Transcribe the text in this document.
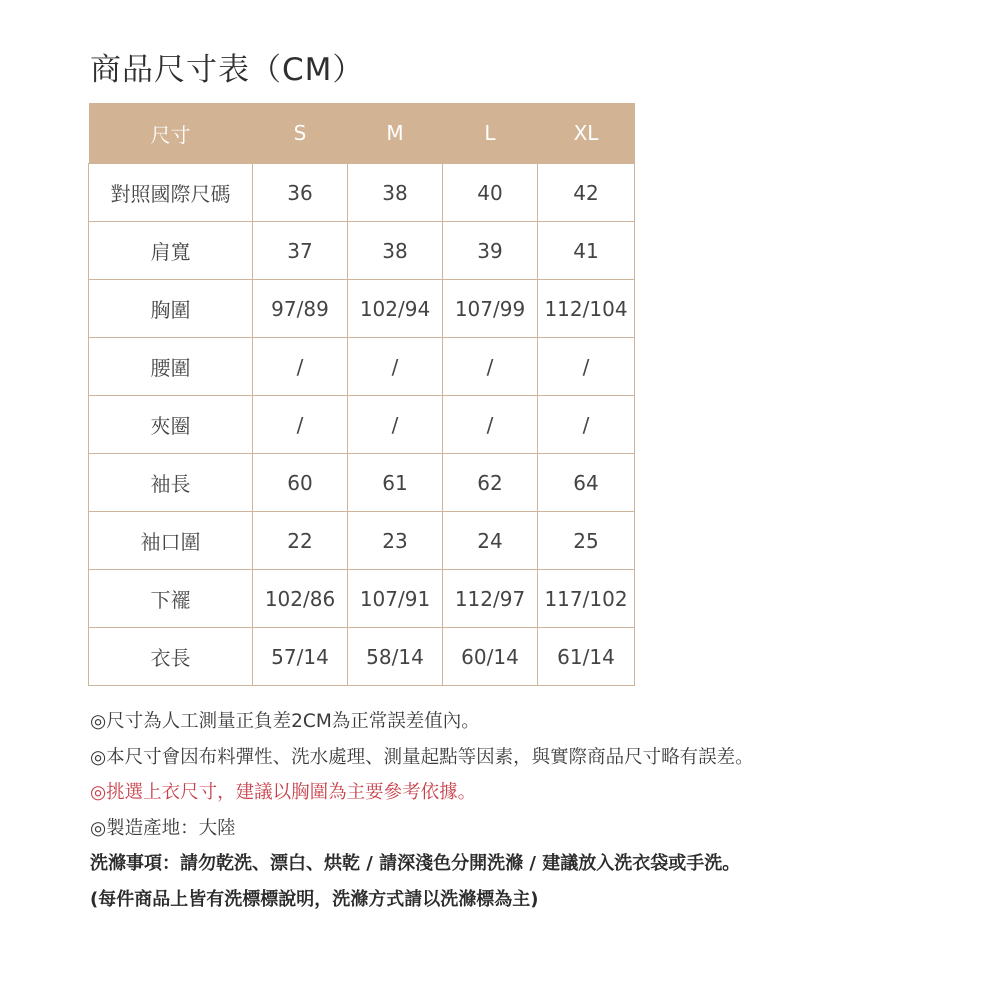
商品尺寸表（CM）
尺寸	S	M	L	XL
對照國際尺碼	36	38	40	42
肩寬	37	38	39	41
胸圍	97/89	102/94	107/99	112/104
腰圍	/	/	/	/
夾圈	/	/	/	/
袖長	60	61	62	64
袖口圍	22	23	24	25
下襬	102/86	107/91	112/97	117/102
衣長	57/14	58/14	60/14	61/14
◎尺寸為人工測量正負差2CM為正常誤差值內。
◎本尺寸會因布料彈性、洗水處理、測量起點等因素，與實際商品尺寸略有誤差。
◎挑選上衣尺寸，建議以胸圍為主要參考依據。
◎製造產地：大陸
洗滌事項：請勿乾洗、漂白、烘乾 / 請深淺色分開洗滌 / 建議放入洗衣袋或手洗。
(每件商品上皆有洗標標說明，洗滌方式請以洗滌標為主)
